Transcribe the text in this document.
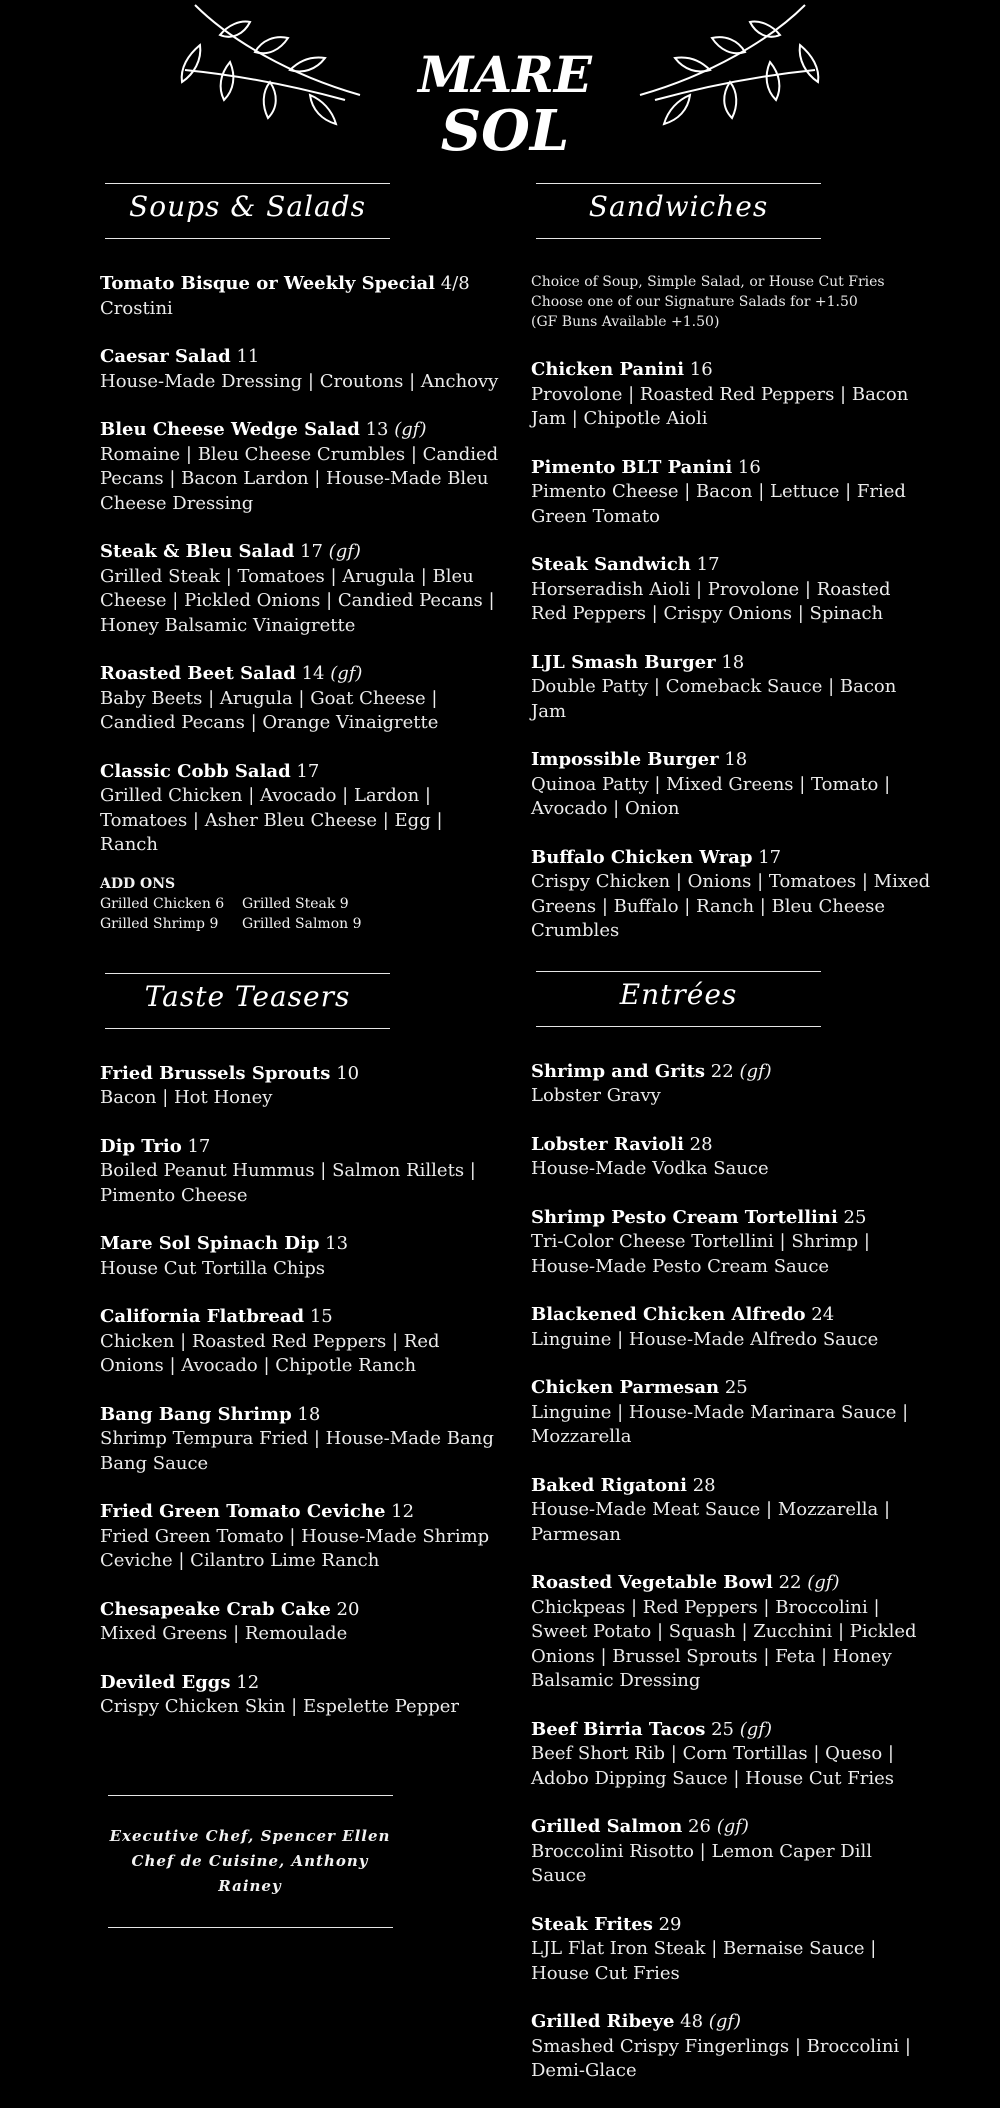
MARE
SOL
Soups & Salads
Tomato Bisque or Weekly Special 4/8
Crostini
Caesar Salad 11
House-Made Dressing | Croutons | Anchovy
Bleu Cheese Wedge Salad 13 (gf)
Romaine | Bleu Cheese Crumbles | Candied Pecans | Bacon Lardon | House-Made Bleu Cheese Dressing
Steak & Bleu Salad 17 (gf)
Grilled Steak | Tomatoes | Arugula | Bleu Cheese | Pickled Onions | Candied Pecans | Honey Balsamic Vinaigrette
Roasted Beet Salad 14 (gf)
Baby Beets | Arugula | Goat Cheese | Candied Pecans | Orange Vinaigrette
Classic Cobb Salad 17
Grilled Chicken | Avocado | Lardon | Tomatoes | Asher Bleu Cheese | Egg | Ranch
ADD ONS
Grilled Chicken 6 Grilled Steak 9
Grilled Shrimp 9 Grilled Salmon 9
Taste Teasers
Fried Brussels Sprouts 10
Bacon | Hot Honey
Dip Trio 17
Boiled Peanut Hummus | Salmon Rillets | Pimento Cheese
Mare Sol Spinach Dip 13
House Cut Tortilla Chips
California Flatbread 15
Chicken | Roasted Red Peppers | Red Onions | Avocado | Chipotle Ranch
Bang Bang Shrimp 18
Shrimp Tempura Fried | House-Made Bang Bang Sauce
Fried Green Tomato Ceviche 12
Fried Green Tomato | House-Made Shrimp Ceviche | Cilantro Lime Ranch
Chesapeake Crab Cake 20
Mixed Greens | Remoulade
Deviled Eggs 12
Crispy Chicken Skin | Espelette Pepper
Executive Chef, Spencer Ellen
Chef de Cuisine, Anthony Rainey
Sandwiches
Choice of Soup, Simple Salad, or House Cut Fries
Choose one of our Signature Salads for +1.50
(GF Buns Available +1.50)
Chicken Panini 16
Provolone | Roasted Red Peppers | Bacon Jam | Chipotle Aioli
Pimento BLT Panini 16
Pimento Cheese | Bacon | Lettuce | Fried Green Tomato
Steak Sandwich 17
Horseradish Aioli | Provolone | Roasted Red Peppers | Crispy Onions | Spinach
LJL Smash Burger 18
Double Patty | Comeback Sauce | Bacon Jam
Impossible Burger 18
Quinoa Patty | Mixed Greens | Tomato | Avocado | Onion
Buffalo Chicken Wrap 17
Crispy Chicken | Onions | Tomatoes | Mixed Greens | Buffalo | Ranch | Bleu Cheese Crumbles
Entrées
Shrimp and Grits 22 (gf)
Lobster Gravy
Lobster Ravioli 28
House-Made Vodka Sauce
Shrimp Pesto Cream Tortellini 25
Tri-Color Cheese Tortellini | Shrimp | House-Made Pesto Cream Sauce
Blackened Chicken Alfredo 24
Linguine | House-Made Alfredo Sauce
Chicken Parmesan 25
Linguine | House-Made Marinara Sauce | Mozzarella
Baked Rigatoni 28
House-Made Meat Sauce | Mozzarella | Parmesan
Roasted Vegetable Bowl 22 (gf)
Chickpeas | Red Peppers | Broccolini | Sweet Potato | Squash | Zucchini | Pickled Onions | Brussel Sprouts | Feta | Honey Balsamic Dressing
Beef Birria Tacos 25 (gf)
Beef Short Rib | Corn Tortillas | Queso | Adobo Dipping Sauce | House Cut Fries
Grilled Salmon 26 (gf)
Broccolini Risotto | Lemon Caper Dill Sauce
Steak Frites 29
LJL Flat Iron Steak | Bernaise Sauce | House Cut Fries
Grilled Ribeye 48 (gf)
Smashed Crispy Fingerlings | Broccolini | Demi-Glace
